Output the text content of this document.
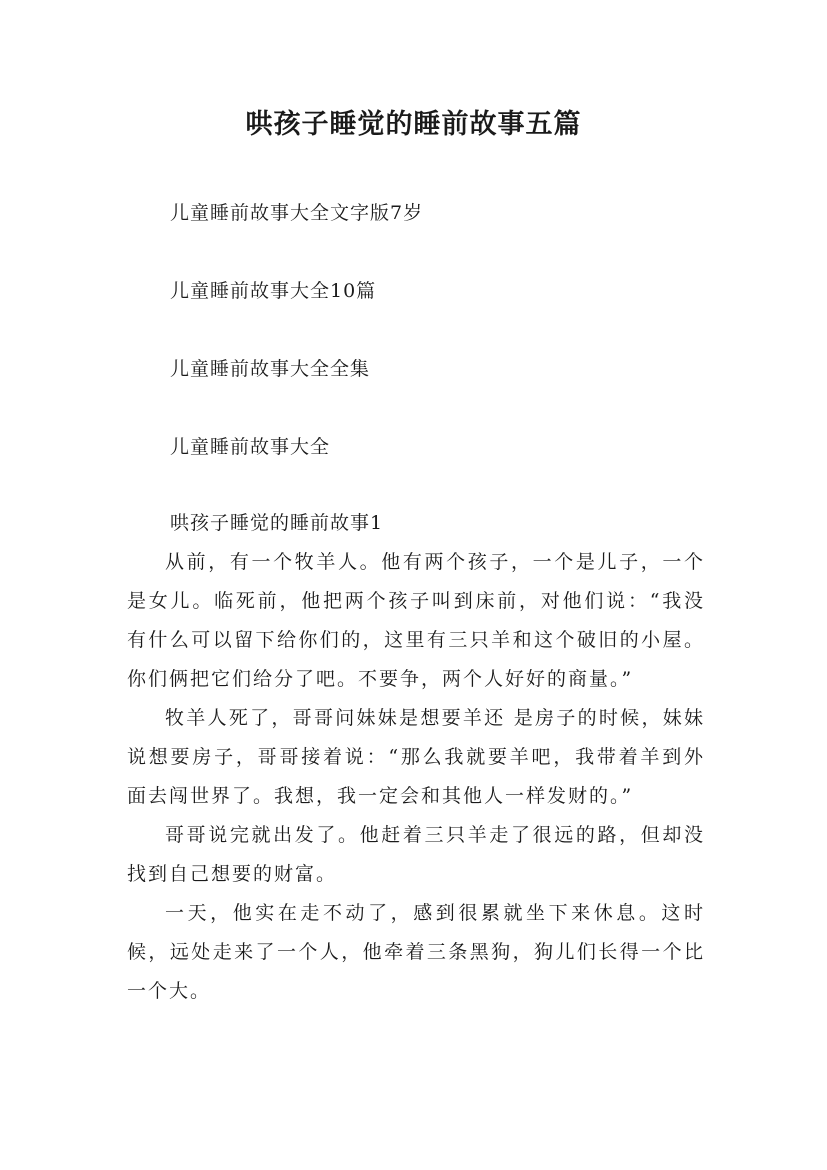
哄孩子睡觉的睡前故事五篇

儿童睡前故事大全文字版7岁

儿童睡前故事大全10篇

儿童睡前故事大全全集

儿童睡前故事大全

哄孩子睡觉的睡前故事1

从前，有一个牧羊人。他有两个孩子，一个是儿子，一个是女儿。临死前，他把两个孩子叫到床前，对他们说：“我没有什么可以留下给你们的，这里有三只羊和这个破旧的小屋。你们俩把它们给分了吧。不要争，两个人好好的商量。”

牧羊人死了，哥哥问妹妹是想要羊还 是房子的时候，妹妹说想要房子，哥哥接着说：“那么我就要羊吧，我带着羊到外面去闯世界了。我想，我一定会和其他人一样发财的。”

哥哥说完就出发了。他赶着三只羊走了很远的路，但却没找到自己想要的财富。

一天，他实在走不动了，感到很累就坐下来休息。这时候，远处走来了一个人，他牵着三条黑狗，狗儿们长得一个比一个大。
